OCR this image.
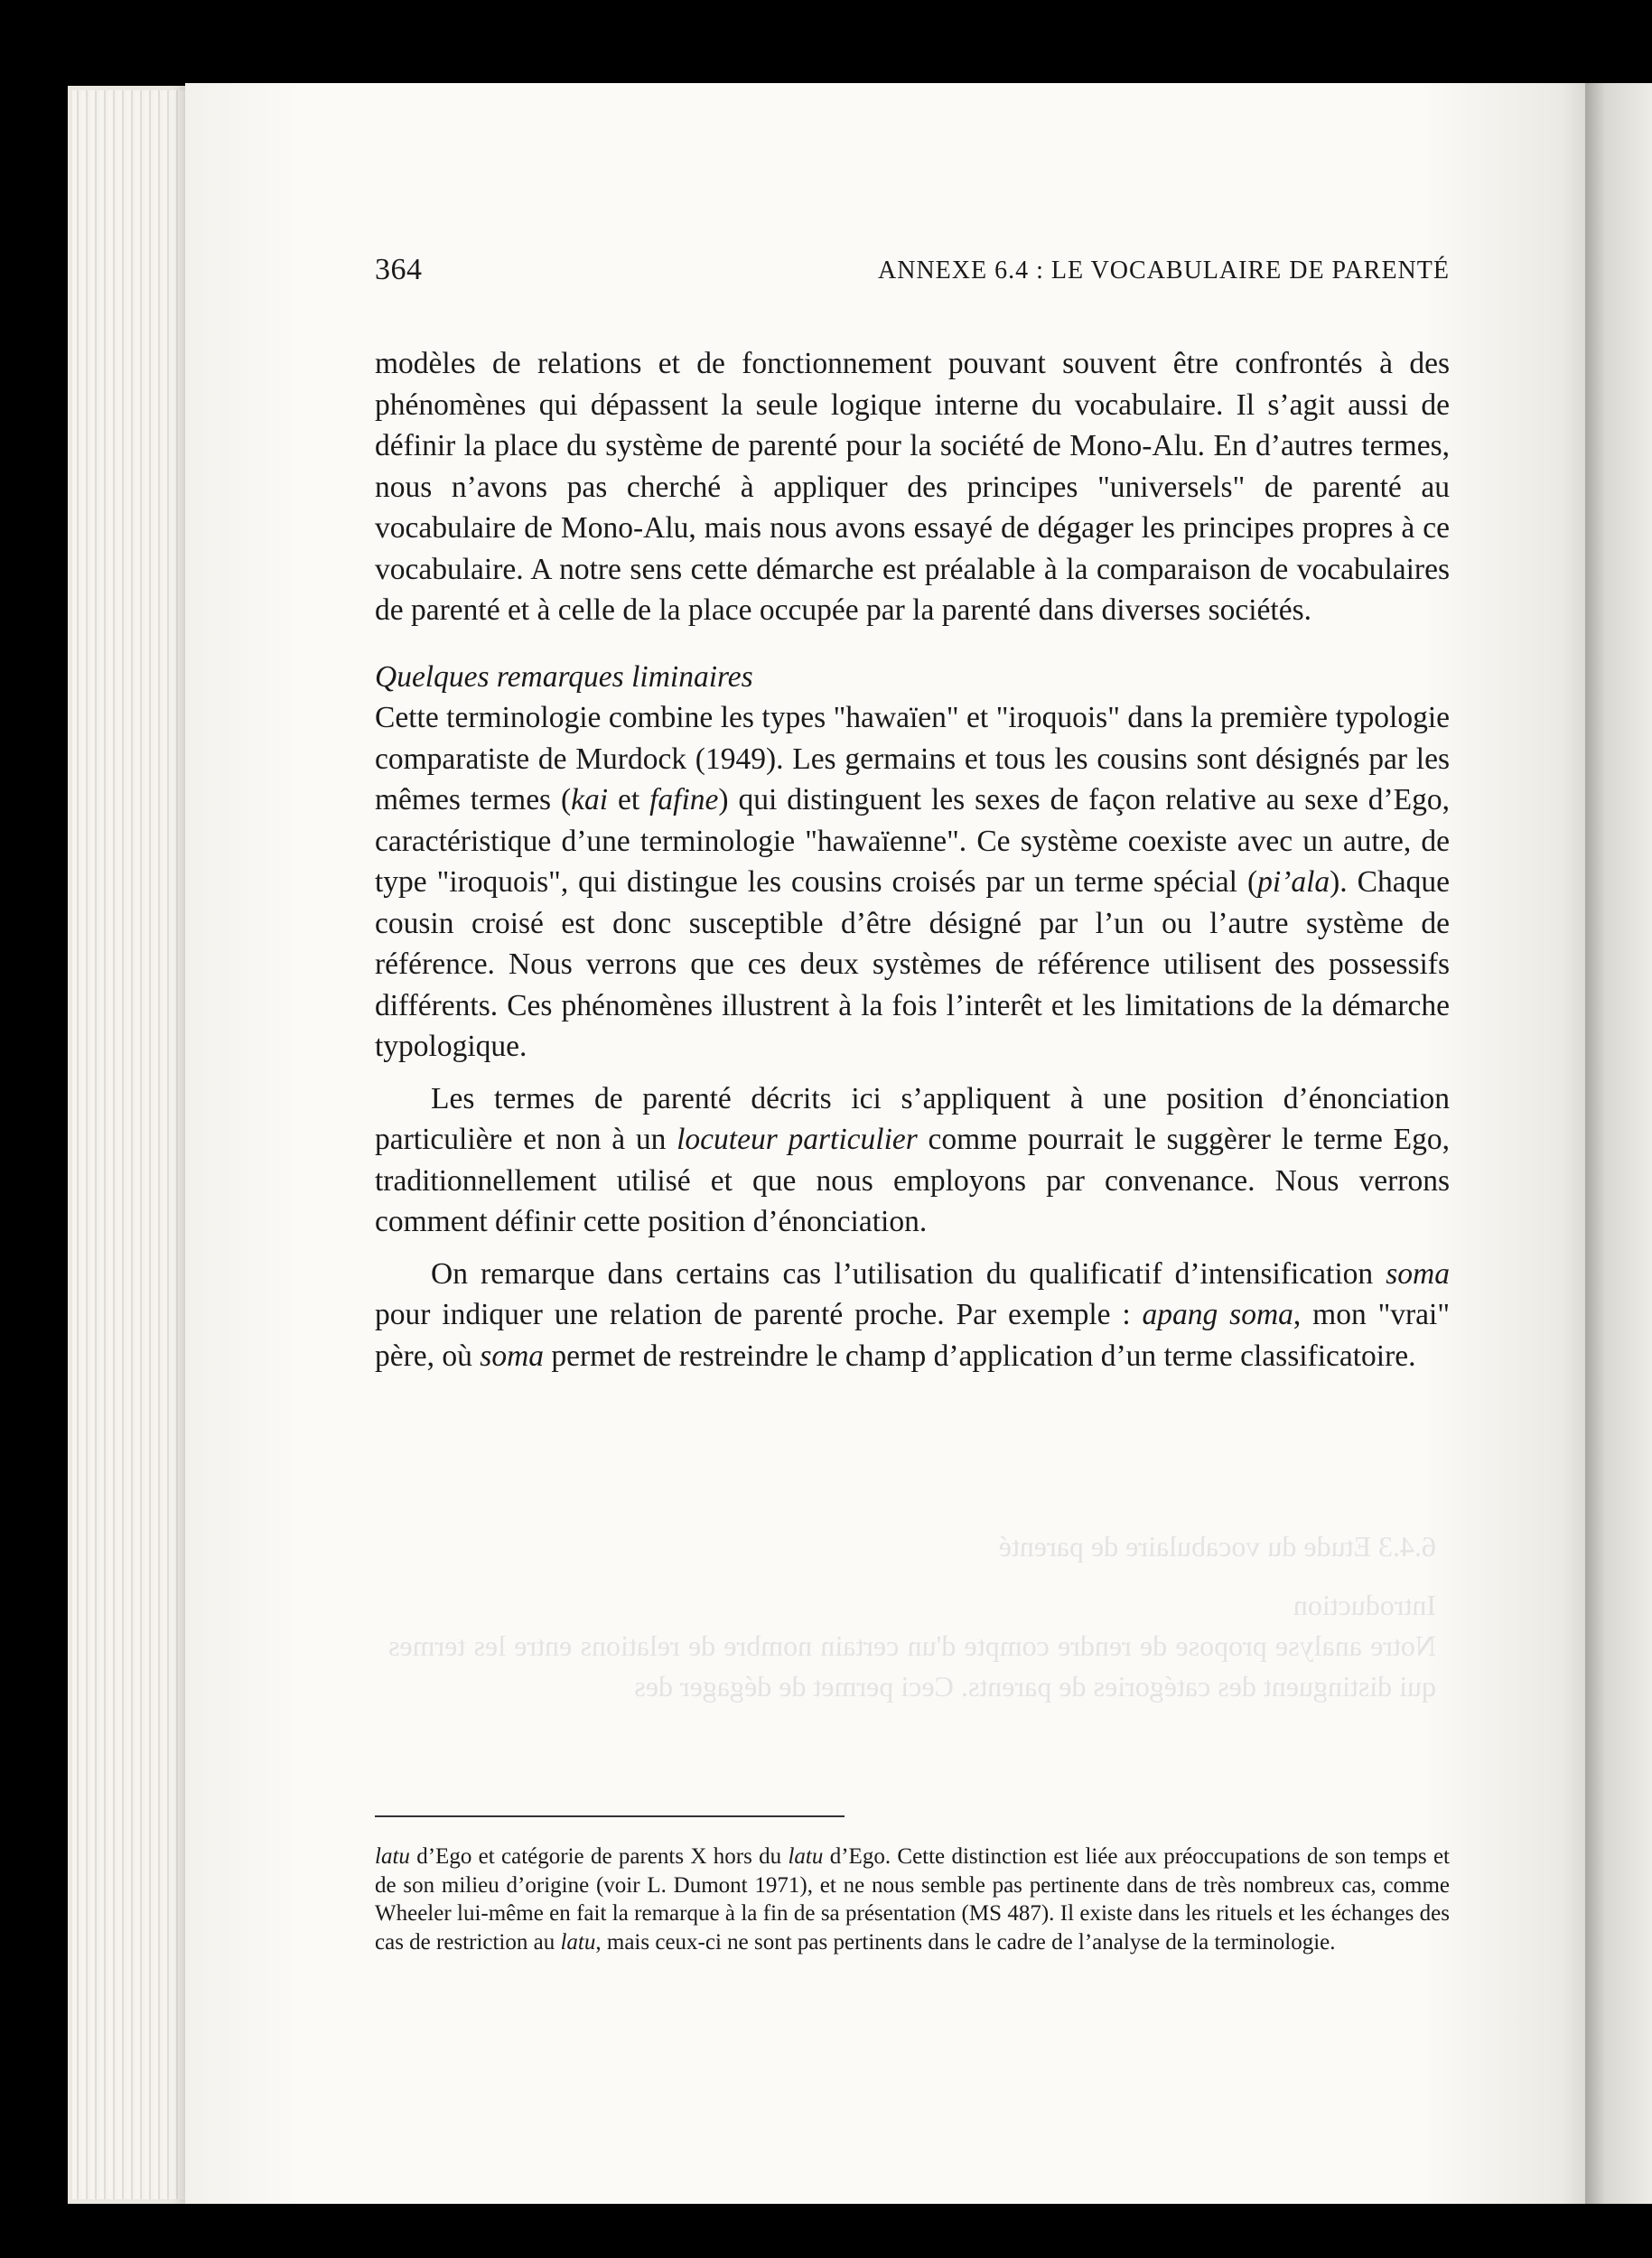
6.4.3 Etude du vocabulaire de parenté
Introduction
Notre analyse propose de rendre compte d'un certain nombre de relations entre les termes qui distinguent des catégories de parents. Ceci permet de dégager des
364	ANNEXE 6.4 : LE VOCABULAIRE DE PARENTÉ

modèles de relations et de fonctionnement pouvant souvent être confrontés à des phénomènes qui dépassent la seule logique interne du vocabulaire. Il s’agit aussi de définir la place du système de parenté pour la société de Mono-Alu. En d’autres termes, nous n’avons pas cherché à appliquer des principes "universels" de parenté au vocabulaire de Mono-Alu, mais nous avons essayé de dégager les principes propres à ce vocabulaire. A notre sens cette démarche est préalable à la comparaison de vocabulaires de parenté et à celle de la place occupée par la parenté dans diverses sociétés.

Quelques remarques liminaires

Cette terminologie combine les types "hawaïen" et "iroquois" dans la première typologie comparatiste de Murdock (1949). Les germains et tous les cousins sont désignés par les mêmes termes (kai et fafine) qui distinguent les sexes de façon relative au sexe d’Ego, caractéristique d’une terminologie "hawaïenne". Ce système coexiste avec un autre, de type "iroquois", qui distingue les cousins croisés par un terme spécial (pi’ala). Chaque cousin croisé est donc susceptible d’être désigné par l’un ou l’autre système de référence. Nous verrons que ces deux systèmes de référence utilisent des possessifs différents. Ces phénomènes illustrent à la fois l’interêt et les limitations de la démarche typologique.

Les termes de parenté décrits ici s’appliquent à une position d’énonciation particulière et non à un locuteur particulier comme pourrait le suggèrer le terme Ego, traditionnellement utilisé et que nous employons par convenance. Nous verrons comment définir cette position d’énonciation.

On remarque dans certains cas l’utilisation du qualificatif d’intensification soma pour indiquer une relation de parenté proche. Par exemple : apang soma, mon "vrai" père, où soma permet de restreindre le champ d’application d’un terme classificatoire.

latu d’Ego et catégorie de parents X hors du latu d’Ego. Cette distinction est liée aux préoccupations de son temps et de son milieu d’origine (voir L. Dumont 1971), et ne nous semble pas pertinente dans de très nombreux cas, comme Wheeler lui-même en fait la remarque à la fin de sa présentation (MS 487). Il existe dans les rituels et les échanges des cas de restriction au latu, mais ceux-ci ne sont pas pertinents dans le cadre de l’analyse de la terminologie.
